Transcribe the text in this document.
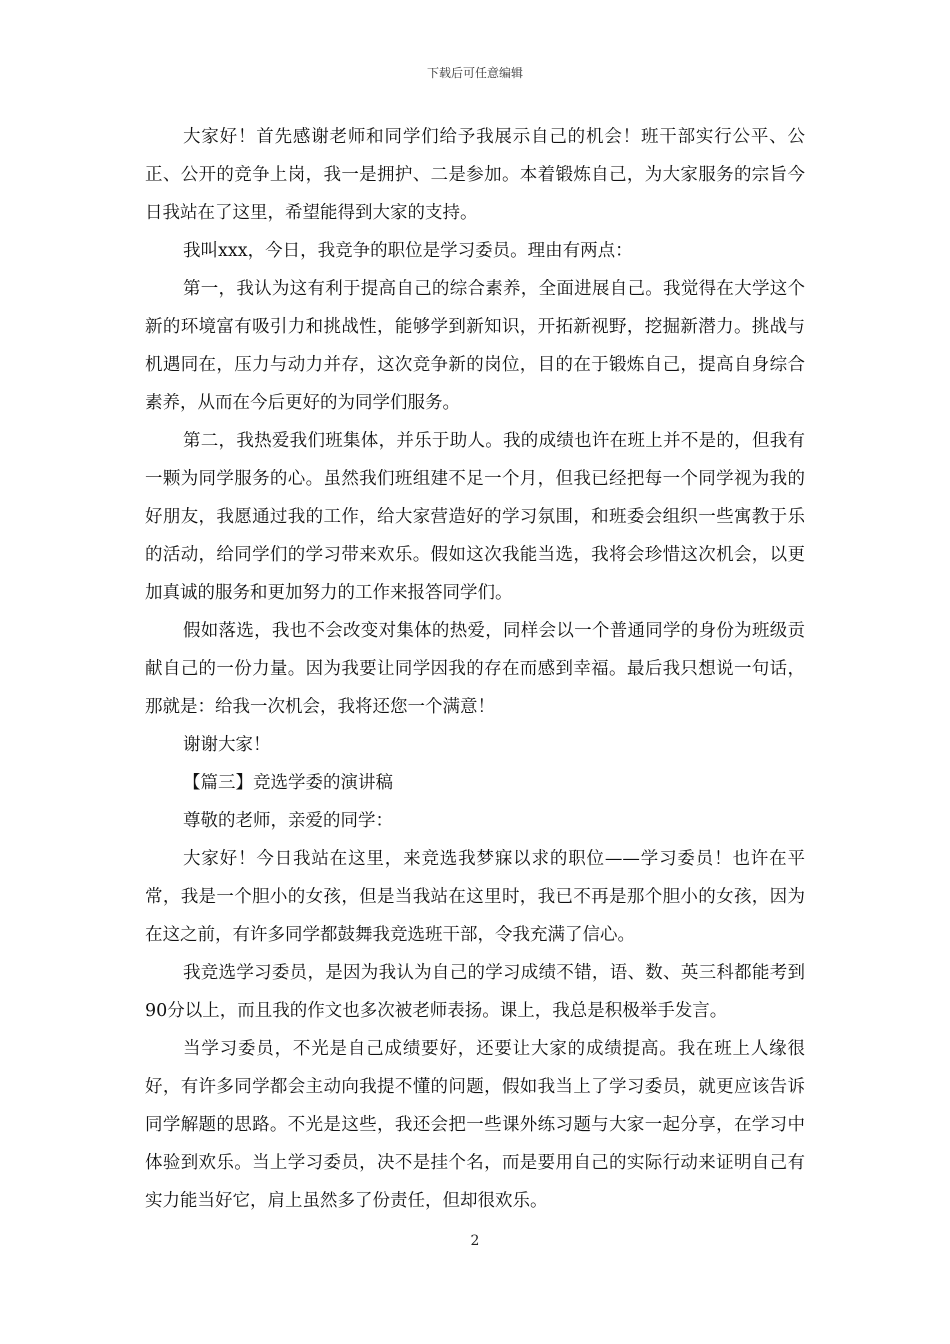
下载后可任意编辑

大家好！首先感谢老师和同学们给予我展示自己的机会！班干部实行公平、公正、公开的竞争上岗，我一是拥护、二是参加。本着锻炼自己，为大家服务的宗旨今日我站在了这里，希望能得到大家的支持。

我叫xxx，今日，我竞争的职位是学习委员。理由有两点：

第一，我认为这有利于提高自己的综合素养，全面进展自己。我觉得在大学这个新的环境富有吸引力和挑战性，能够学到新知识，开拓新视野，挖掘新潜力。挑战与机遇同在，压力与动力并存，这次竞争新的岗位，目的在于锻炼自己，提高自身综合素养，从而在今后更好的为同学们服务。

第二，我热爱我们班集体，并乐于助人。我的成绩也许在班上并不是的，但我有一颗为同学服务的心。虽然我们班组建不足一个月，但我已经把每一个同学视为我的好朋友，我愿通过我的工作，给大家营造好的学习氛围，和班委会组织一些寓教于乐的活动，给同学们的学习带来欢乐。假如这次我能当选，我将会珍惜这次机会，以更加真诚的服务和更加努力的工作来报答同学们。

假如落选，我也不会改变对集体的热爱，同样会以一个普通同学的身份为班级贡献自己的一份力量。因为我要让同学因我的存在而感到幸福。最后我只想说一句话，那就是：给我一次机会，我将还您一个满意！

谢谢大家！

【篇三】竞选学委的演讲稿

尊敬的老师，亲爱的同学：

大家好！今日我站在这里，来竞选我梦寐以求的职位——学习委员！也许在平常，我是一个胆小的女孩，但是当我站在这里时，我已不再是那个胆小的女孩，因为在这之前，有许多同学都鼓舞我竞选班干部，令我充满了信心。

我竞选学习委员，是因为我认为自己的学习成绩不错，语、数、英三科都能考到90分以上，而且我的作文也多次被老师表扬。课上，我总是积极举手发言。

当学习委员，不光是自己成绩要好，还要让大家的成绩提高。我在班上人缘很好，有许多同学都会主动向我提不懂的问题，假如我当上了学习委员，就更应该告诉同学解题的思路。不光是这些，我还会把一些课外练习题与大家一起分享，在学习中体验到欢乐。当上学习委员，决不是挂个名，而是要用自己的实际行动来证明自己有实力能当好它，肩上虽然多了份责任，但却很欢乐。

2
